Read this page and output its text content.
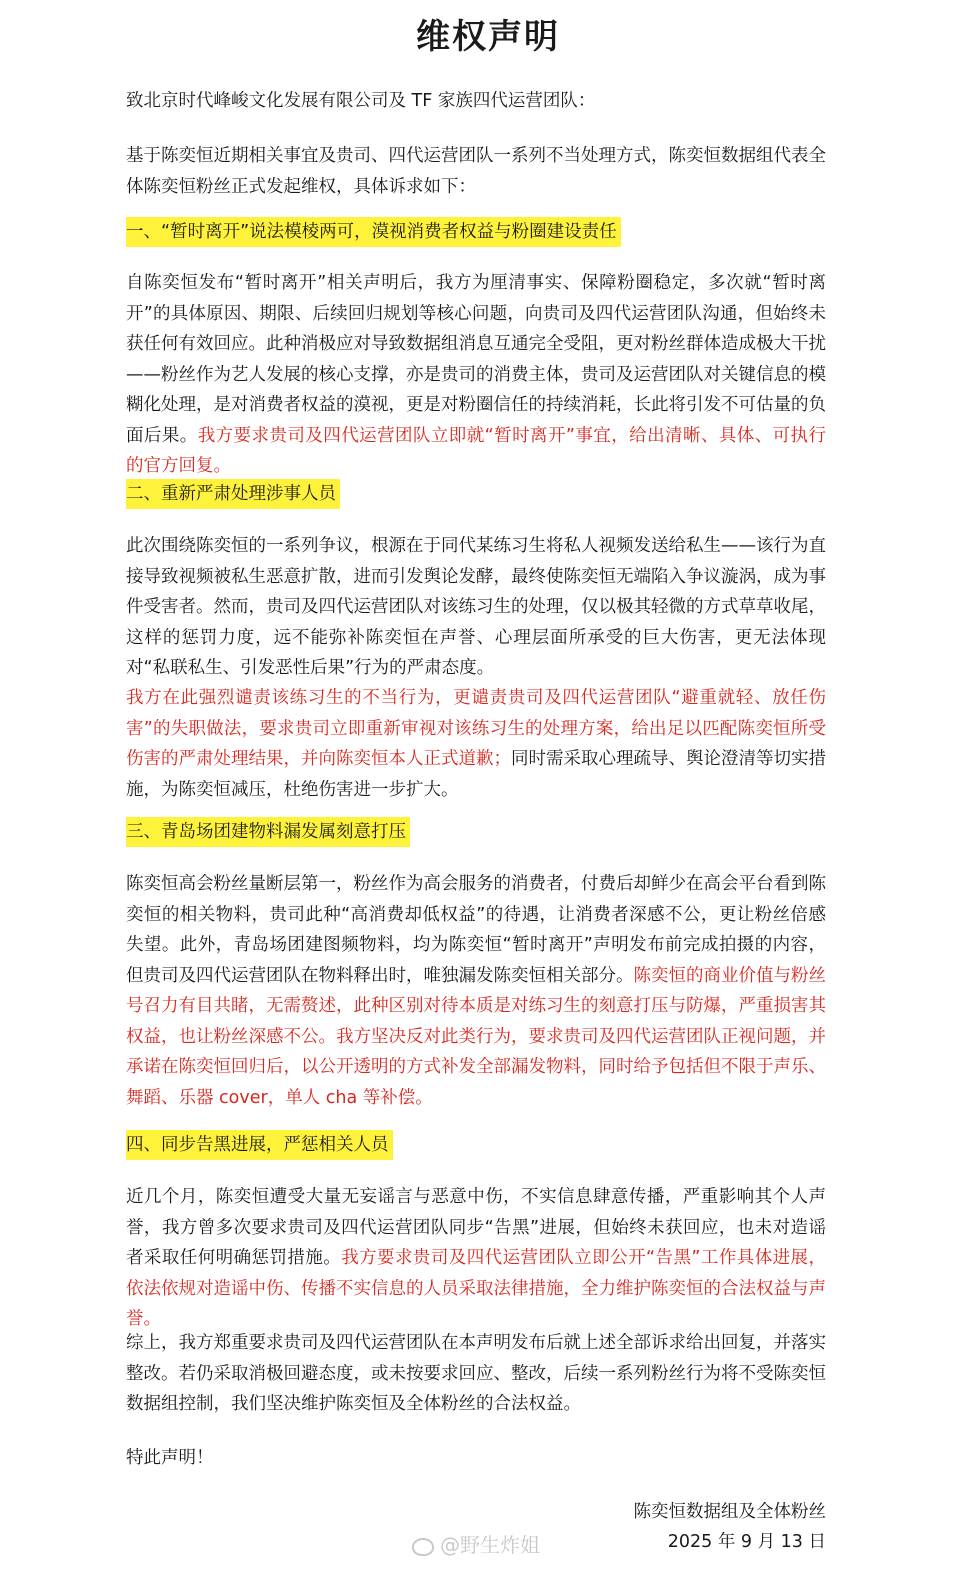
维权声明

致北京时代峰峻文化发展有限公司及 TF 家族四代运营团队：

基于陈奕恒近期相关事宜及贵司、四代运营团队一系列不当处理方式，陈奕恒数据组代表全体陈奕恒粉丝正式发起维权，具体诉求如下：

一、“暂时离开”说法模棱两可，漠视消费者权益与粉圈建设责任

自陈奕恒发布“暂时离开”相关声明后，我方为厘清事实、保障粉圈稳定，多次就“暂时离开”的具体原因、期限、后续回归规划等核心问题，向贵司及四代运营团队沟通，但始终未获任何有效回应。此种消极应对导致数据组消息互通完全受阻，更对粉丝群体造成极大干扰——粉丝作为艺人发展的核心支撑，亦是贵司的消费主体，贵司及运营团队对关键信息的模糊化处理，是对消费者权益的漠视，更是对粉圈信任的持续消耗，长此将引发不可估量的负面后果。我方要求贵司及四代运营团队立即就“暂时离开”事宜，给出清晰、具体、可执行的官方回复。

二、重新严肃处理涉事人员

此次围绕陈奕恒的一系列争议，根源在于同代某练习生将私人视频发送给私生——该行为直接导致视频被私生恶意扩散，进而引发舆论发酵，最终使陈奕恒无端陷入争议漩涡，成为事件受害者。然而，贵司及四代运营团队对该练习生的处理，仅以极其轻微的方式草草收尾，这样的惩罚力度，远不能弥补陈奕恒在声誉、心理层面所承受的巨大伤害，更无法体现对“私联私生、引发恶性后果”行为的严肃态度。

我方在此强烈谴责该练习生的不当行为，更谴责贵司及四代运营团队“避重就轻、放任伤害”的失职做法，要求贵司立即重新审视对该练习生的处理方案，给出足以匹配陈奕恒所受伤害的严肃处理结果，并向陈奕恒本人正式道歉；同时需采取心理疏导、舆论澄清等切实措施，为陈奕恒减压，杜绝伤害进一步扩大。

三、青岛场团建物料漏发属刻意打压

陈奕恒高会粉丝量断层第一，粉丝作为高会服务的消费者，付费后却鲜少在高会平台看到陈奕恒的相关物料，贵司此种“高消费却低权益”的待遇，让消费者深感不公，更让粉丝倍感失望。此外，青岛场团建图频物料，均为陈奕恒“暂时离开”声明发布前完成拍摄的内容，但贵司及四代运营团队在物料释出时，唯独漏发陈奕恒相关部分。陈奕恒的商业价值与粉丝号召力有目共睹，无需赘述，此种区别对待本质是对练习生的刻意打压与防爆，严重损害其权益，也让粉丝深感不公。我方坚决反对此类行为，要求贵司及四代运营团队正视问题，并承诺在陈奕恒回归后，以公开透明的方式补发全部漏发物料，同时给予包括但不限于声乐、舞蹈、乐器 cover，单人 cha 等补偿。

四、同步告黑进展，严惩相关人员

近几个月，陈奕恒遭受大量无妄谣言与恶意中伤，不实信息肆意传播，严重影响其个人声誉，我方曾多次要求贵司及四代运营团队同步“告黑”进展，但始终未获回应，也未对造谣者采取任何明确惩罚措施。我方要求贵司及四代运营团队立即公开“告黑”工作具体进展，依法依规对造谣中伤、传播不实信息的人员采取法律措施，全力维护陈奕恒的合法权益与声誉。

综上，我方郑重要求贵司及四代运营团队在本声明发布后就上述全部诉求给出回复，并落实整改。若仍采取消极回避态度，或未按要求回应、整改，后续一系列粉丝行为将不受陈奕恒数据组控制，我们坚决维护陈奕恒及全体粉丝的合法权益。

特此声明！

陈奕恒数据组及全体粉丝
2025 年 9 月 13 日
@野生炸姐
